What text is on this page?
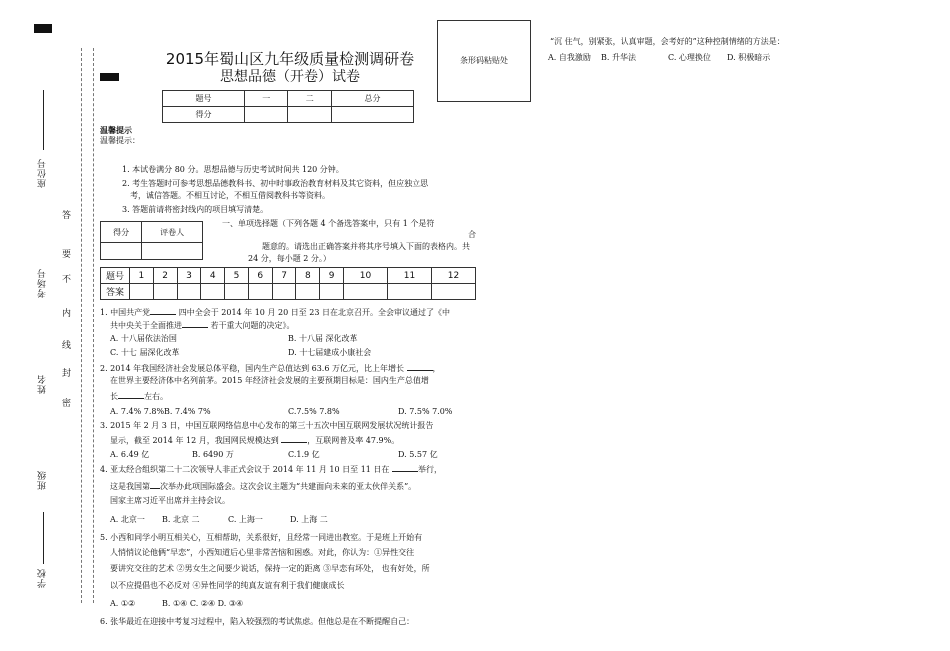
座位号
考场号
姓名
班级
学校
答
要
不
内
线
封
密
2015年蜀山区九年级质量检测调研卷
思想品德（开卷）试卷
条形码粘贴处
题号	一	二	总分
得分			
温馨提示
温馨提示：
1. 本试卷满分 80 分。思想品德与历史考试时间共 120 分钟。
2. 考生答题时可参考思想品德教科书、初中时事政治教育材料及其它资料，但应独立思
考，诚信答题。不相互讨论，不相互借阅教科书等资料。
3. 答题前请将密封线内的项目填写清楚。
得分	评卷人

一、单项选择题（下列各题 4 个备选答案中，只有 1 个是符
合
题意的。请选出正确答案并将其序号填入下面的表格内。共
24 分，每小题 2 分。）
题号	1	2	3	4	5	6	7	8	9	10	11	12
答案												
1. 中国共产党	四中全会于 2014 年 10 月 20 日至 23 日在北京召开。全会审议通过了《中
共中央关于全面推进	若干重大问题的决定》。
A. 十八届依法治国	B. 十八届 深化改革
C. 十七 届深化改革	D. 十七届建成小康社会
2. 2014 年我国经济社会发展总体平稳，国内生产总值达到 63.6 万亿元，比上年增长	，
在世界主要经济体中名列前茅。2015 年经济社会发展的主要预期目标是：国内生产总值增
长	左右。
A. 7.4% 7.8%B. 7.4% 7%	C.7.5% 7.8%	D. 7.5% 7.0%
3. 2015 年 2 月 3 日，中国互联网络信息中心发布的第三十五次中国互联网发展状况统计报告
显示，截至 2014 年 12 月，我国网民规模达到	，互联网普及率 47.9%。
A. 6.49 亿	B. 6490 万	C.1.9 亿	D. 5.57 亿
4. 亚太经合组织第二十二次领导人非正式会议于 2014 年 11 月 10 日至 11 日在	举行，
这是我国第 次举办此项国际盛会。这次会议主题为“共建面向未来的亚太伙伴关系”。
国家主席习近平出席并主持会议。
A. 北京一 B. 北京 二	C. 上海一	D. 上海 二
5. 小西和同学小明互相关心，互相帮助，关系很好，且经常一同进出教室。于是班上开始有
人悄悄议论他俩“早恋”，小西知道后心里非常苦恼和困惑。对此，你认为：①异性交往
要讲究交往的艺术 ②男女生之间要少说话，保持一定的距离 ③早恋有坏处， 也有好处，所
以不应提倡也不必反对 ④异性同学的纯真友谊有利于我们健康成长
A. ①②	B. ①④ C. ②④ D. ③④
6. 张华最近在迎接中考复习过程中，陷入较强烈的考试焦虑。但他总是在不断提醒自己：
“沉 住气，别紧张，认真审题，会考好的”这种控制情绪的方法是：
A. 自我激励 B. 升华法	C. 心理换位 D. 积极暗示
